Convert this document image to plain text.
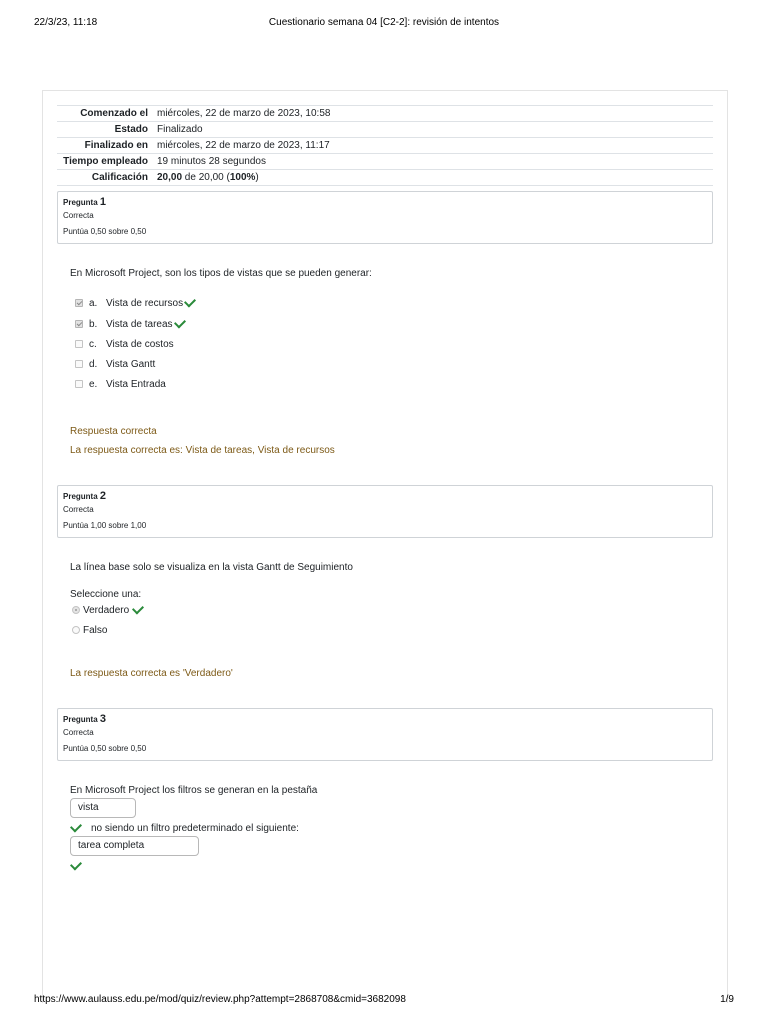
22/3/23, 11:18	Cuestionario semana 04 [C2-2]: revisión de intentos
Comenzado el miércoles, 22 de marzo de 2023, 10:58
Estado Finalizado
Finalizado en miércoles, 22 de marzo de 2023, 11:17
Tiempo empleado 19 minutos 28 segundos
Calificación 20,00 de 20,00 (100%)
Pregunta 1
Correcta
Puntúa 0,50 sobre 0,50
En Microsoft Project, son los tipos de vistas que se pueden generar:
a. Vista de recursos
b. Vista de tareas
c. Vista de costos
d. Vista Gantt
e. Vista Entrada
Respuesta correcta
La respuesta correcta es: Vista de tareas, Vista de recursos
Pregunta 2
Correcta
Puntúa 1,00 sobre 1,00
La línea base solo se visualiza en la vista Gantt de Seguimiento
Seleccione una:
Verdadero
Falso
La respuesta correcta es 'Verdadero'
Pregunta 3
Correcta
Puntúa 0,50 sobre 0,50
En Microsoft Project los filtros se generan en la pestaña
vista
no siendo un filtro predeterminado el siguiente:
tarea completa
https://www.aulauss.edu.pe/mod/quiz/review.php?attempt=2868708&cmid=3682098	1/9
